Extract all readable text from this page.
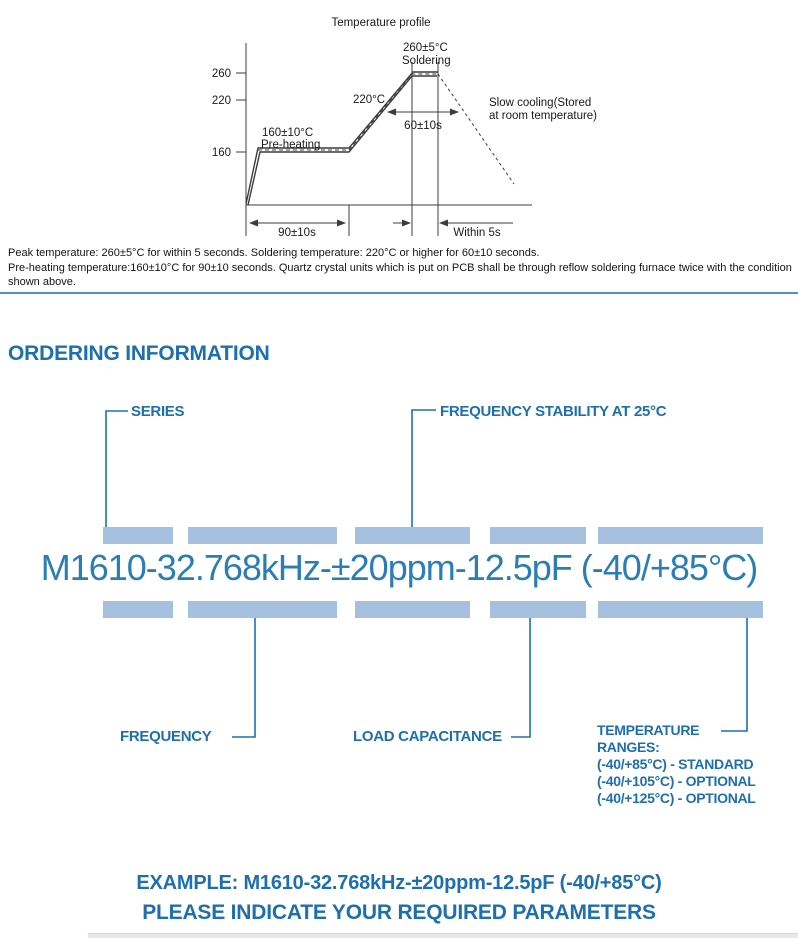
Temperature profile
260
220
160
260±5°C
Soldering
220°C
160±10°C
Pre-heating
Slow cooling(Stored
at room temperature)
60±10s
90±10s	Within 5s
Peak temperature: 260±5°C for within 5 seconds. Soldering temperature: 220°C or higher for 60±10 seconds.
Pre-heating temperature:160±10°C for 90±10 seconds. Quartz crystal units which is put on PCB shall be through reflow soldering furnace twice with the condition shown above.
ORDERING INFORMATION
SERIES	FREQUENCY STABILITY AT 25°C
M1610-32.768kHz-±20ppm-12.5pF (-40/+85°C)
FREQUENCY	LOAD CAPACITANCE	TEMPERATURE
RANGES:
(-40/+85°C) - STANDARD
(-40/+105°C) - OPTIONAL
(-40/+125°C) - OPTIONAL
EXAMPLE: M1610-32.768kHz-±20ppm-12.5pF (-40/+85°C)
PLEASE INDICATE YOUR REQUIRED PARAMETERS
